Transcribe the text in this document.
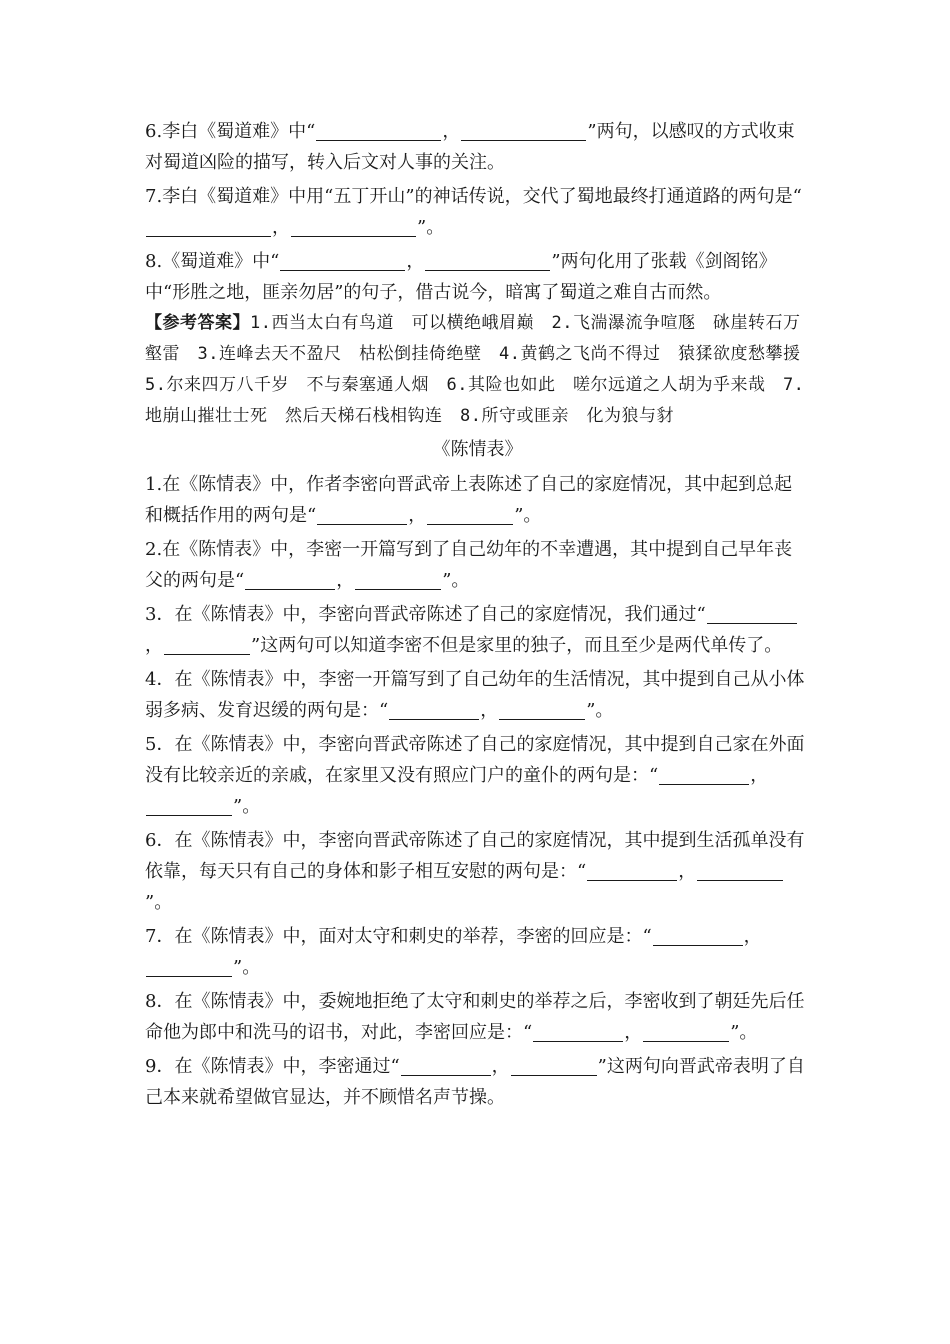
6.李白《蜀道难》中“	，	”两句，以感叹的方式收束对蜀道凶险的描写，转入后文对人事的关注。

7.李白《蜀道难》中用“五丁开山”的神话传说，交代了蜀地最终打通道路的两句是“，	”。

8.《蜀道难》中“	，	”两句化用了张载《剑阁铭》中“形胜之地，匪亲勿居”的句子，借古说今，暗寓了蜀道之难自古而然。

【参考答案】1.西当太白有鸟道　可以横绝峨眉巅　2.飞湍瀑流争喧豗　砯崖转石万壑雷　3.连峰去天不盈尺　枯松倒挂倚绝壁　4.黄鹤之飞尚不得过　猿猱欲度愁攀援　5.尔来四万八千岁　不与秦塞通人烟　6.其险也如此　嗟尔远道之人胡为乎来哉　7.地崩山摧壮士死　然后天梯石栈相钩连　8.所守或匪亲　化为狼与豺

《陈情表》

1.在《陈情表》中，作者李密向晋武帝上表陈述了自己的家庭情况，其中起到总起和概括作用的两句是“	，	”。

2.在《陈情表》中，李密一开篇写到了自己幼年的不幸遭遇，其中提到自己早年丧父的两句是“	，	”。

3．在《陈情表》中，李密向晋武帝陈述了自己的家庭情况，我们通过“，	”这两句可以知道李密不但是家里的独子，而且至少是两代单传了。

4．在《陈情表》中，李密一开篇写到了自己幼年的生活情况，其中提到自己从小体弱多病、发育迟缓的两句是：“	，	”。

5．在《陈情表》中，李密向晋武帝陈述了自己的家庭情况，其中提到自己家在外面没有比较亲近的亲戚，在家里又没有照应门户的童仆的两句是：“	，”。

6．在《陈情表》中，李密向晋武帝陈述了自己的家庭情况，其中提到生活孤单没有依靠，每天只有自己的身体和影子相互安慰的两句是：“	，”。

7．在《陈情表》中，面对太守和刺史的举荐，李密的回应是：“	，”。

8．在《陈情表》中，委婉地拒绝了太守和刺史的举荐之后，李密收到了朝廷先后任命他为郎中和洗马的诏书，对此，李密回应是：“	，	”。

9．在《陈情表》中，李密通过“	，	”这两句向晋武帝表明了自己本来就希望做官显达，并不顾惜名声节操。
